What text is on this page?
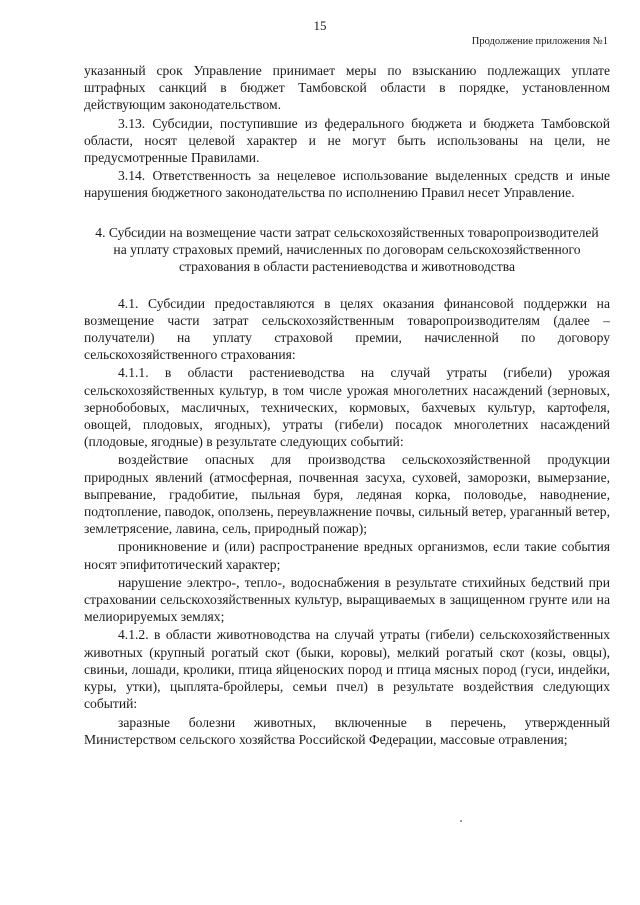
15
Продолжение приложения №1

указанный срок Управление принимает меры по взысканию подлежащих уплате штрафных санкций в бюджет Тамбовской области в порядке, установленном действующим законодательством.

3.13. Субсидии, поступившие из федерального бюджета и бюджета Тамбовской области, носят целевой характер и не могут быть использованы на цели, не предусмотренные Правилами.

3.14. Ответственность за нецелевое использование выделенных средств и иные нарушения бюджетного законодательства по исполнению Правил несет Управление.

4. Субсидии на возмещение части затрат сельскохозяйственных товаропроизводителей на уплату страховых премий, начисленных по договорам сельскохозяйственного страхования в области растениеводства и животноводства

4.1. Субсидии предоставляются в целях оказания финансовой поддержки на возмещение части затрат сельскохозяйственным товаропроизводителям (далее – получатели) на уплату страховой премии, начисленной по договору сельскохозяйственного страхования:

4.1.1. в области растениеводства на случай утраты (гибели) урожая сельскохозяйственных культур, в том числе урожая многолетних насаждений (зерновых, зернобобовых, масличных, технических, кормовых, бахчевых культур, картофеля, овощей, плодовых, ягодных), утраты (гибели) посадок многолетних насаждений (плодовые, ягодные) в результате следующих событий:

воздействие опасных для производства сельскохозяйственной продукции природных явлений (атмосферная, почвенная засуха, суховей, заморозки, вымерзание, выпревание, градобитие, пыльная буря, ледяная корка, половодье, наводнение, подтопление, паводок, оползень, переувлажнение почвы, сильный ветер, ураганный ветер, землетрясение, лавина, сель, природный пожар);

проникновение и (или) распространение вредных организмов, если такие события носят эпифитотический характер;

нарушение электро-, тепло-, водоснабжения в результате стихийных бедствий при страховании сельскохозяйственных культур, выращиваемых в защищенном грунте или на мелиорируемых землях;

4.1.2. в области животноводства на случай утраты (гибели) сельскохозяйственных животных (крупный рогатый скот (быки, коровы), мелкий рогатый скот (козы, овцы), свиньи, лошади, кролики, птица яйценоских пород и птица мясных пород (гуси, индейки, куры, утки), цыплята-бройлеры, семьи пчел) в результате воздействия следующих событий:

заразные болезни животных, включенные в перечень, утвержденный Министерством сельского хозяйства Российской Федерации, массовые отравления;
